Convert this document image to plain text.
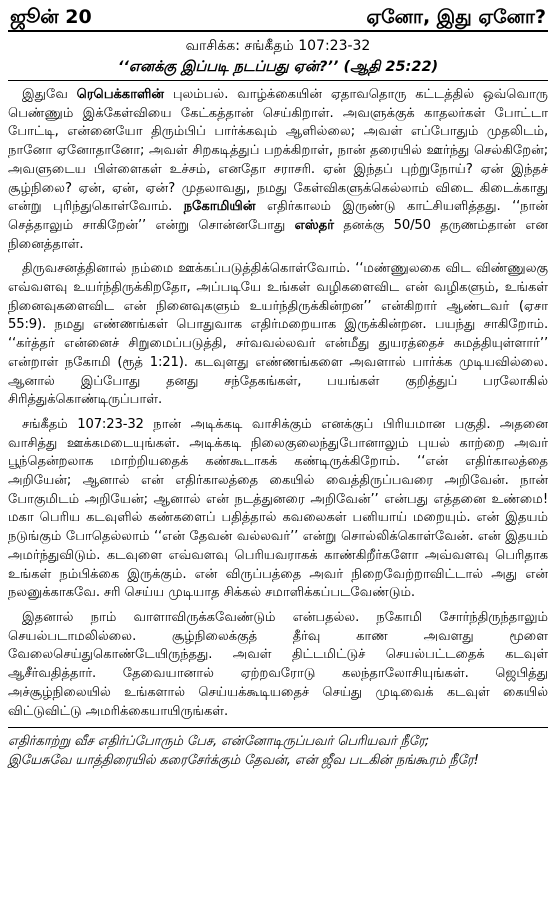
ஜூன் 20	ஏனோ, இது ஏனோ?
வாசிக்க: சங்கீதம் 107:23-32
‘‘எனக்கு இப்படி நடப்பது ஏன்?’’ (ஆதி 25:22)

இதுவே ரெபெக்காளின் புலம்பல். வாழ்க்கையின் ஏதாவதொரு கட்டத்தில் ஒவ்வொரு பெண்ணும் இக்கேள்வியை கேட்கத்தான் செய்கிறாள். அவளுக்குக் காதலர்கள் போட்டா போட்டி, என்னையோ திரும்பிப் பார்க்கவும் ஆளில்லை; அவள் எப்போதும் முதலிடம், நானோ ஏனோதானோ; அவள் சிறகடித்துப் பறக்கிறாள், நான் தரையில் ஊர்ந்து செல்கிறேன்; அவளுடைய பிள்ளைகள் உச்சம், எனதோ சராசரி. ஏன் இந்தப் புற்றுநோய்? ஏன் இந்தச் சூழ்நிலை? ஏன், ஏன், ஏன்? முதலாவது, நமது கேள்விகளுக்கெல்லாம் விடை கிடைக்காது என்று புரிந்துகொள்வோம். நகோமியின் எதிர்காலம் இருண்டு காட்சியளித்தது. ‘‘நான் செத்தாலும் சாகிறேன்’’ என்று சொன்னபோது எஸ்தர் தனக்கு 50/50 தருணம்தான் என நினைத்தாள்.

திருவசனத்தினால் நம்மை ஊக்கப்படுத்திக்கொள்வோம். ‘‘மண்ணுலகை விட விண்ணுலகு எவ்வளவு உயர்ந்திருக்கிறதோ, அப்படியே உங்கள் வழிகளைவிட என் வழிகளும், உங்கள் நினைவுகளைவிட என் நினைவுகளும் உயர்ந்திருக்கின்றன’’ என்கிறார் ஆண்டவர் (ஏசா 55:9). நமது எண்ணங்கள் பொதுவாக எதிர்மறையாக இருக்கின்றன. பயந்து சாகிறோம். ‘‘கர்த்தர் என்னைச் சிறுமைப்படுத்தி, சர்வவல்லவர் என்மீது துயரத்தைச் சுமத்தியுள்ளார்’’ என்றாள் நகோமி (ரூத் 1:21). கடவுளது எண்ணங்களை அவளால் பார்க்க முடியவில்லை. ஆனால் இப்போது தனது சந்தேகங்கள், பயங்கள் குறித்துப் பரலோகில் சிரித்துக்கொண்டிருப்பாள்.

சங்கீதம் 107:23-32 நான் அடிக்கடி வாசிக்கும் எனக்குப் பிரியமான பகுதி. அதனை வாசித்து ஊக்கமடையுங்கள். அடிக்கடி நிலைகுலைந்துபோனாலும் புயல் காற்றை அவர் பூந்தென்றலாக மாற்றியதைக் கண்கூடாகக் கண்டிருக்கிறோம். ‘‘என் எதிர்காலத்தை அறியேன்; ஆனால் என் எதிர்காலத்தை கையில் வைத்திருப்பவரை அறிவேன். நான் போகுமிடம் அறியேன்; ஆனால் என் நடத்துனரை அறிவேன்’’ என்பது எத்தனை உண்மை! மகா பெரிய கடவுளில் கண்களைப் பதித்தால் கவலைகள் பனியாய் மறையும். என் இதயம் நடுங்கும் போதெல்லாம் ‘‘என் தேவன் வல்லவர்’’ என்று சொல்லிக்கொள்வேன். என் இதயம் அமர்ந்துவிடும். கடவுளை எவ்வளவு பெரியவராகக் காண்கிறீர்களோ அவ்வளவு பெரிதாக உங்கள் நம்பிக்கை இருக்கும். என் விருப்பத்தை அவர் நிறைவேற்றாவிட்டால் அது என் நலனுக்காகவே. சரி செய்ய முடியாத சிக்கல் சமாளிக்கப்படவேண்டும்.

இதனால் நாம் வாளாவிருக்கவேண்டும் என்பதல்ல. நகோமி சோர்ந்திருந்தாலும் செயல்படாமலில்லை. சூழ்நிலைக்குத் தீர்வு காண அவளது மூளை வேலைசெய்துகொண்டேயிருந்தது. அவள் திட்டமிட்டுச் செயல்பட்டதைக் கடவுள் ஆசீர்வதித்தார். தேவையானால் ஏற்றவரோடு கலந்தாலோசியுங்கள். ஜெபித்து அச்சூழ்நிலையில் உங்களால் செய்யக்கூடியதைச் செய்து முடிவைக் கடவுள் கையில் விட்டுவிட்டு அமரிக்கையாயிருங்கள்.

எதிர்காற்று வீச எதிர்ப்போரும் பேச, என்னோடிருப்பவர் பெரியவர் நீரே;
இயேசுவே யாத்திரையில் கரைசேர்க்கும் தேவன், என் ஜீவ படகின் நங்கூரம் நீரே!
